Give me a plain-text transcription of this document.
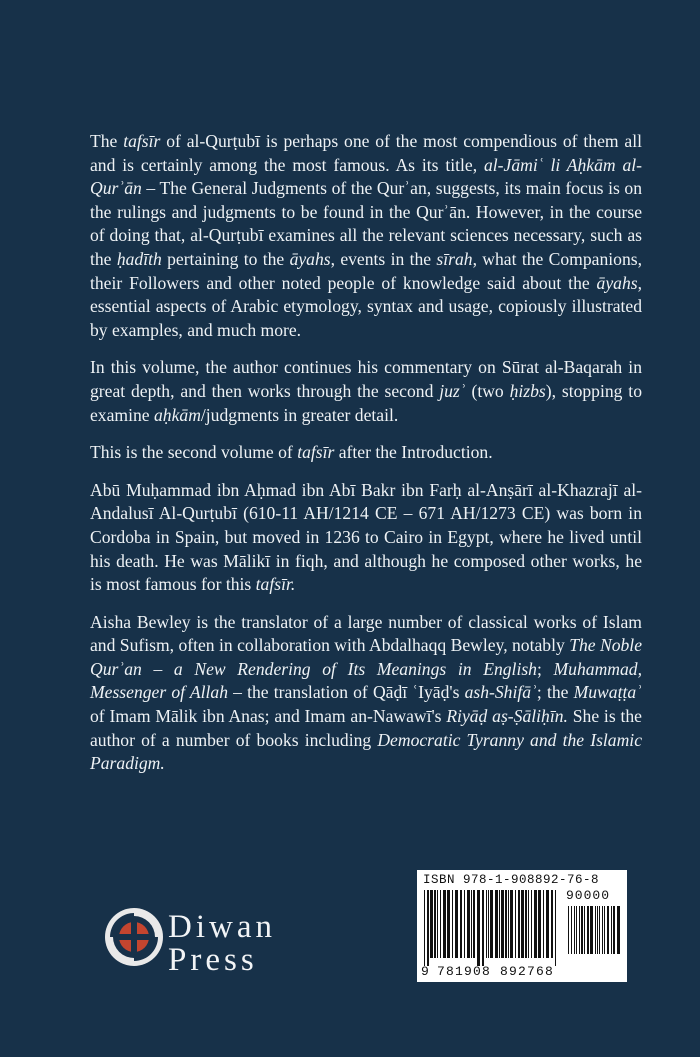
The tafsīr of al-Qurṭubī is perhaps one of the most compendious of them all and is certainly among the most famous. As its title, al-Jāmiʿ li Aḥkām al-Qurʾān – The General Judgments of the Qurʾan, suggests, its main focus is on the rulings and judgments to be found in the Qurʾān. However, in the course of doing that, al-Qurṭubī examines all the relevant sciences necessary, such as the ḥadīth pertaining to the āyahs, events in the sīrah, what the Companions, their Followers and other noted people of knowledge said about the āyahs, essential aspects of Arabic etymology, syntax and usage, copiously illustrated by examples, and much more.

In this volume, the author continues his commentary on Sūrat al-Baqarah in great depth, and then works through the second juzʾ (two ḥizbs), stopping to examine aḥkām/judgments in greater detail.

This is the second volume of tafsīr after the Introduction.

Abū Muḥammad ibn Aḥmad ibn Abī Bakr ibn Farḥ al-Anṣārī al-Khazrajī al-Andalusī Al-Qurṭubī (610-11 AH/1214 CE – 671 AH/1273 CE) was born in Cordoba in Spain, but moved in 1236 to Cairo in Egypt, where he lived until his death. He was Mālikī in fiqh, and although he composed other works, he is most famous for this tafsīr.

Aisha Bewley is the translator of a large number of classical works of Islam and Sufism, often in collaboration with Abdalhaqq Bewley, notably The Noble Qurʾan – a New Rendering of Its Meanings in English; Muhammad, Messenger of Allah – the translation of Qāḍī ʿIyāḍ's ash-Shifāʾ; the Muwaṭṭaʾ of Imam Mālik ibn Anas; and Imam an-Nawawī's Riyāḍ aṣ-Ṣāliḥīn. She is the author of a number of books including Democratic Tyranny and the Islamic Paradigm.

Diwan
Press
ISBN 978-1-908892-76-8
90000
9 781908 892768
